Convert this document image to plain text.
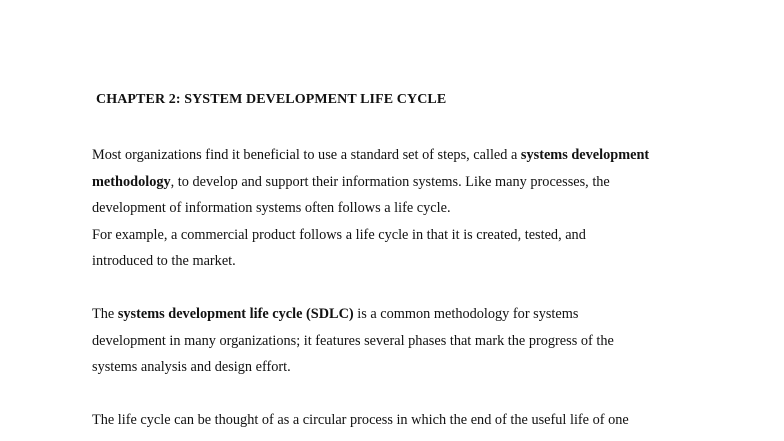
CHAPTER 2: SYSTEM DEVELOPMENT LIFE CYCLE
Most organizations find it beneficial to use a standard set of steps, called a systems development
methodology, to develop and support their information systems. Like many processes, the
development of information systems often follows a life cycle.
For example, a commercial product follows a life cycle in that it is created, tested, and
introduced to the market.
The systems development life cycle (SDLC) is a common methodology for systems
development in many organizations; it features several phases that mark the progress of the
systems analysis and design effort.
The life cycle can be thought of as a circular process in which the end of the useful life of one
